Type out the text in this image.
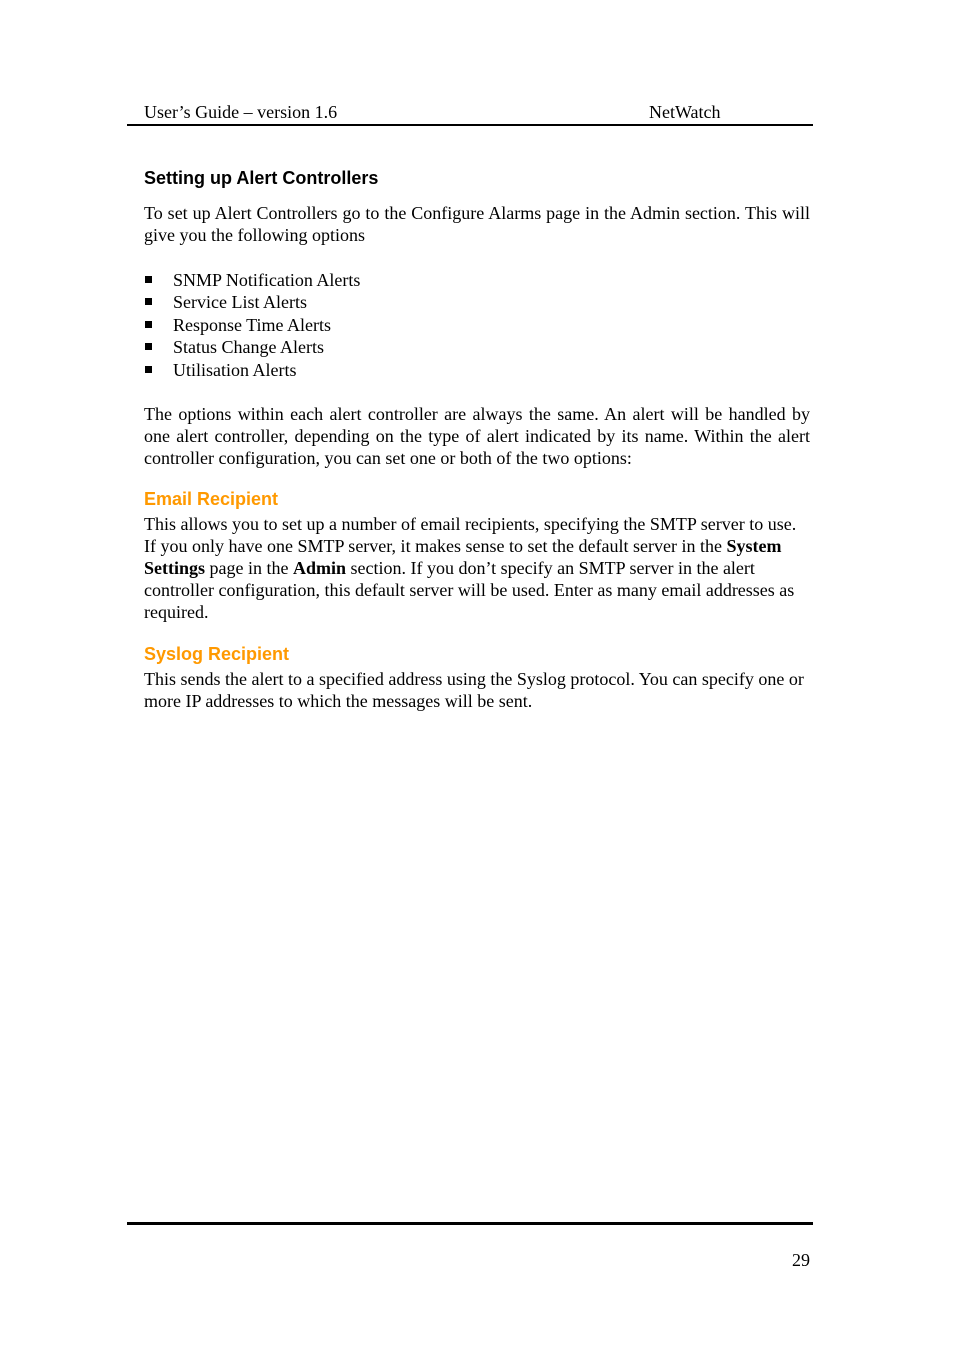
User’s Guide – version 1.6	NetWatch
Setting up Alert Controllers

To set up Alert Controllers go to the Configure Alarms page in the Admin section. This will give you the following options

SNMP Notification Alerts
Service List Alerts
Response Time Alerts
Status Change Alerts
Utilisation Alerts

The options within each alert controller are always the same. An alert will be handled by one alert controller, depending on the type of alert indicated by its name. Within the alert controller configuration, you can set one or both of the two options:

Email Recipient

This allows you to set up a number of email recipients, specifying the SMTP server to use. If you only have one SMTP server, it makes sense to set the default server in the System Settings page in the Admin section. If you don’t specify an SMTP server in the alert controller configuration, this default server will be used. Enter as many email addresses as required.

Syslog Recipient

This sends the alert to a specified address using the Syslog protocol. You can specify one or more IP addresses to which the messages will be sent.

29
